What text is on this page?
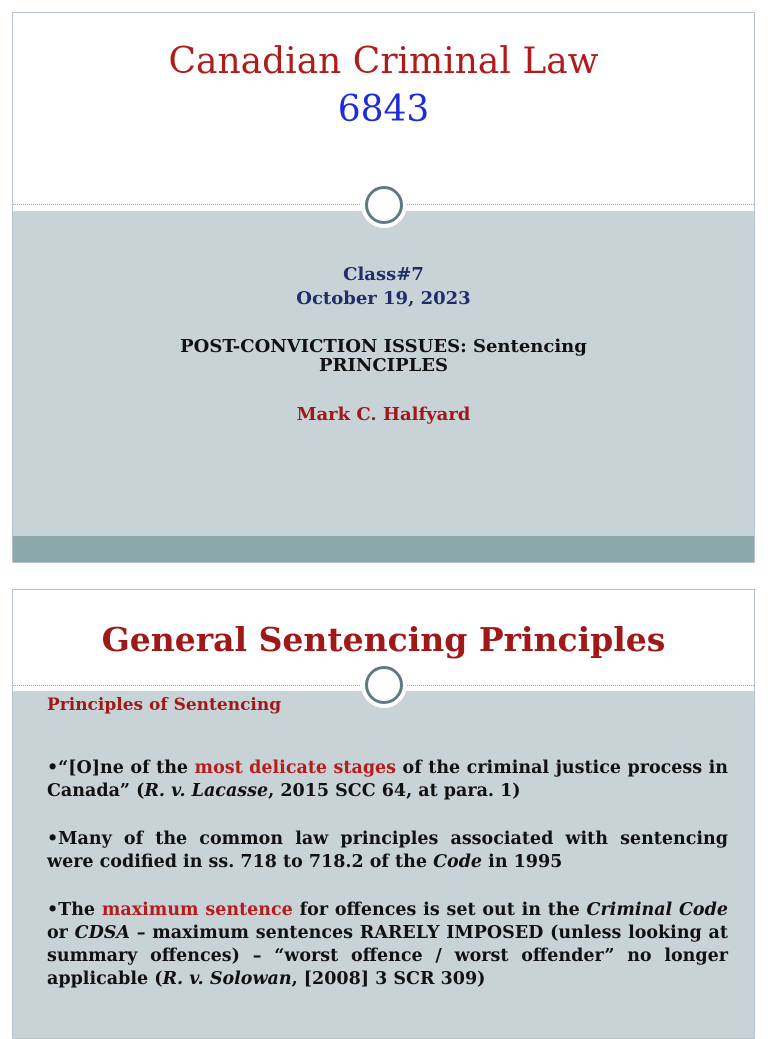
Canadian Criminal Law
6843
Class#7
October 19, 2023
POST-CONVICTION ISSUES: Sentencing
PRINCIPLES
Mark C. Halfyard
General Sentencing Principles
Principles of Sentencing

•“[O]ne of the most delicate stages of the criminal justice process in Canada” (R. v. Lacasse, 2015 SCC 64, at para. 1)

•Many of the common law principles associated with sentencing were codified in ss. 718 to 718.2 of the Code in 1995

•The maximum sentence for offences is set out in the Criminal Code or CDSA – maximum sentences RARELY IMPOSED (unless looking at summary offences) – “worst offence / worst offender” no longer applicable (R. v. Solowan, [2008] 3 SCR 309)
